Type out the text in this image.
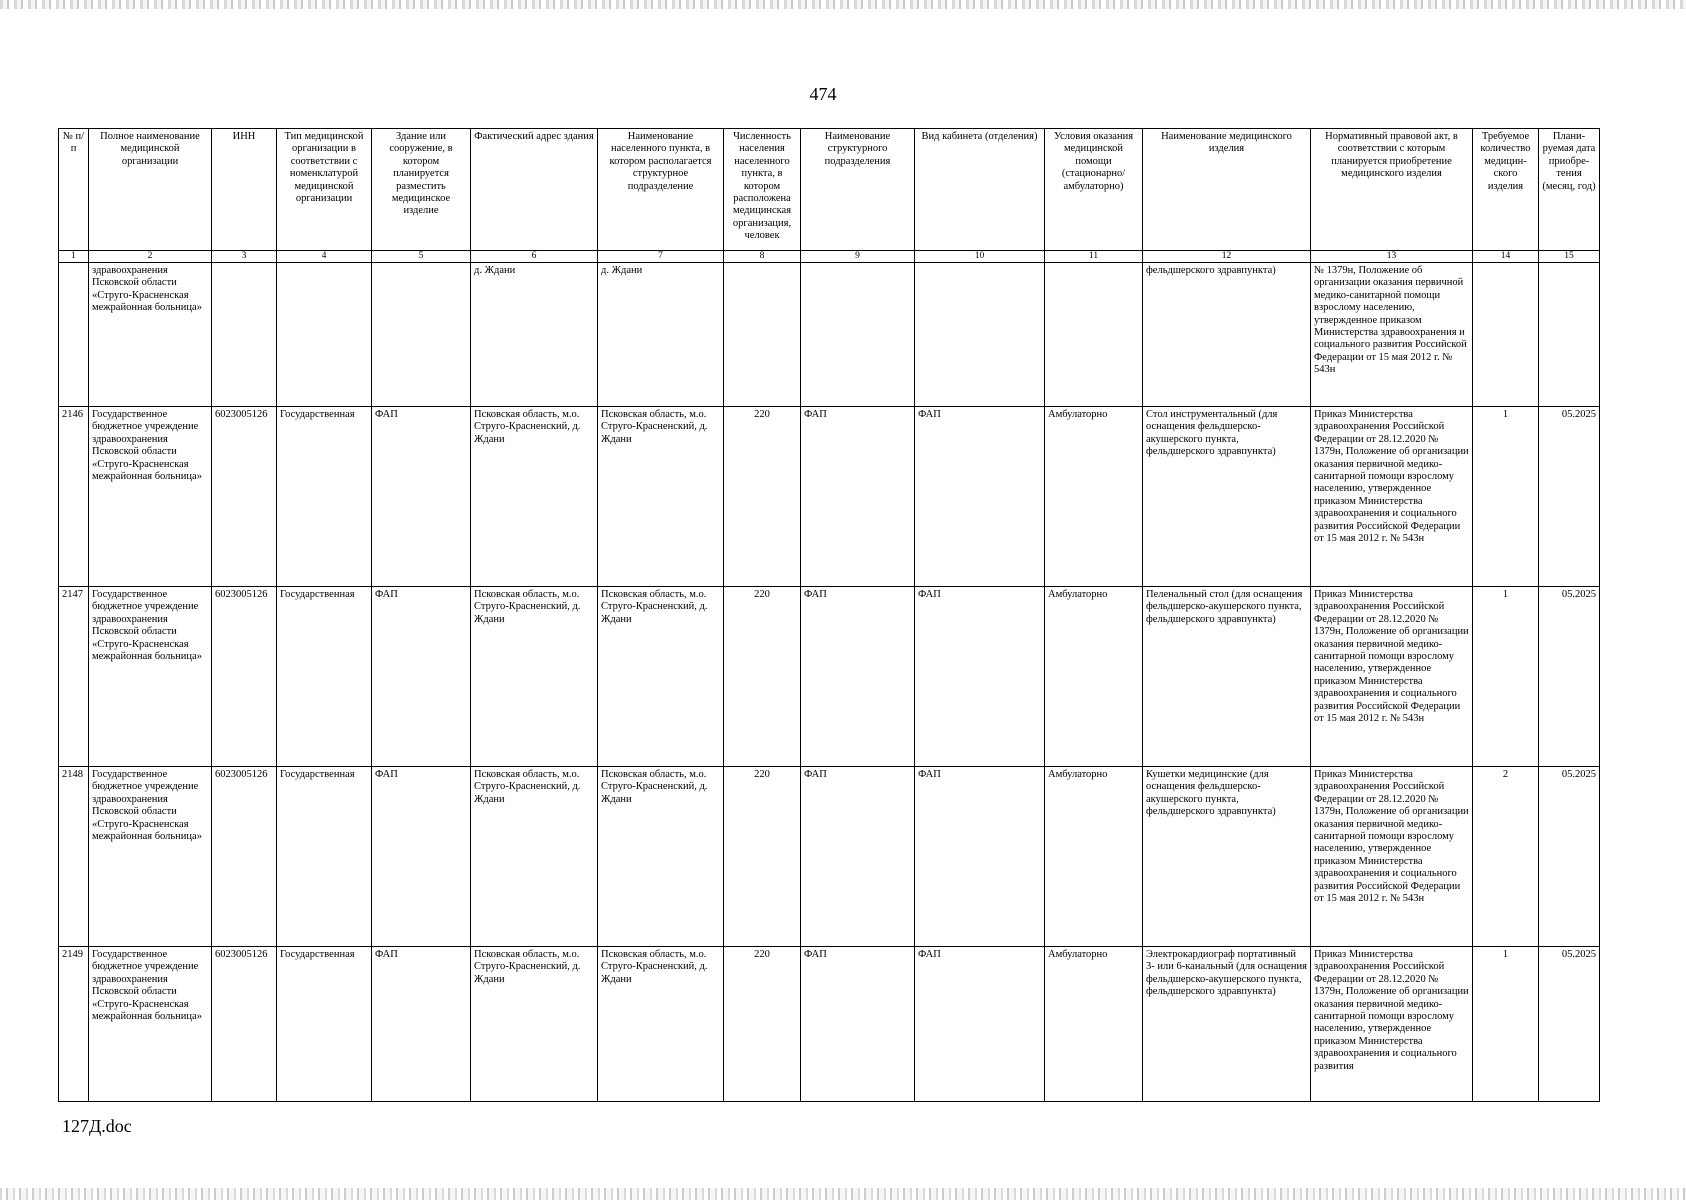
474
№ п/п	Полное наименование медицинской организации	ИНН	Тип медицинской организации в соответствии с номенклатурой медицинской организации	Здание или сооружение, в котором планируется разместить медицинское изделие	Фактический адрес здания	Наименование населенного пункта, в котором располагается структурное подразделение	Численность населения населенного пункта, в котором расположена медицинская организация, человек	Наименование структурного подразделения	Вид кабинета (отделения)	Условия оказания медицинской помощи (стационарно/ амбулаторно)	Наименование медицинского изделия	Нормативный правовой акт, в соответствии с которым планируется приобретение медицинского изделия	Требуемое количество медицин-ского изделия	Плани-руемая дата приобре-тения (месяц, год)
1	2	3	4	5	6	7	8	9	10	11	12	13	14	15
	здравоохранения Псковской области «Струго-Красненская межрайонная больница»				д. Ждани	д. Ждани					фельдшерского здравпункта)	№ 1379н, Положение об организации оказания первичной медико-санитарной помощи взрослому населению, утвержденное приказом Министерства здравоохранения и социального развития Российской Федерации от 15 мая 2012 г. № 543н		
2146	Государственное бюджетное учреждение здравоохранения Псковской области «Струго-Красненская межрайонная больница»	6023005126	Государственная	ФАП	Псковская область, м.о. Струго-Красненский, д. Ждани	Псковская область, м.о. Струго-Красненский, д. Ждани	220	ФАП	ФАП	Амбулаторно	Стол инструментальный (для оснащения фельдшерско-акушерского пункта, фельдшерского здравпункта)	Приказ Министерства здравоохранения Российской Федерации от 28.12.2020 № 1379н, Положение об организации оказания первичной медико-санитарной помощи взрослому населению, утвержденное приказом Министерства здравоохранения и социального развития Российской Федерации от 15 мая 2012 г. № 543н	1	05.2025
2147	Государственное бюджетное учреждение здравоохранения Псковской области «Струго-Красненская межрайонная больница»	6023005126	Государственная	ФАП	Псковская область, м.о. Струго-Красненский, д. Ждани	Псковская область, м.о. Струго-Красненский, д. Ждани	220	ФАП	ФАП	Амбулаторно	Пеленальный стол (для оснащения фельдшерско-акушерского пункта, фельдшерского здравпункта)	Приказ Министерства здравоохранения Российской Федерации от 28.12.2020 № 1379н, Положение об организации оказания первичной медико-санитарной помощи взрослому населению, утвержденное приказом Министерства здравоохранения и социального развития Российской Федерации от 15 мая 2012 г. № 543н	1	05.2025
2148	Государственное бюджетное учреждение здравоохранения Псковской области «Струго-Красненская межрайонная больница»	6023005126	Государственная	ФАП	Псковская область, м.о. Струго-Красненский, д. Ждани	Псковская область, м.о. Струго-Красненский, д. Ждани	220	ФАП	ФАП	Амбулаторно	Кушетки медицинские (для оснащения фельдшерско-акушерского пункта, фельдшерского здравпункта)	Приказ Министерства здравоохранения Российской Федерации от 28.12.2020 № 1379н, Положение об организации оказания первичной медико-санитарной помощи взрослому населению, утвержденное приказом Министерства здравоохранения и социального развития Российской Федерации от 15 мая 2012 г. № 543н	2	05.2025
2149	Государственное бюджетное учреждение здравоохранения Псковской области «Струго-Красненская межрайонная больница»	6023005126	Государственная	ФАП	Псковская область, м.о. Струго-Красненский, д. Ждани	Псковская область, м.о. Струго-Красненский, д. Ждани	220	ФАП	ФАП	Амбулаторно	Электрокардиограф портативный 3- или 6-канальный (для оснащения фельдшерско-акушерского пункта, фельдшерского здравпункта)	Приказ Министерства здравоохранения Российской Федерации от 28.12.2020 № 1379н, Положение об организации оказания первичной медико-санитарной помощи взрослому населению, утвержденное приказом Министерства здравоохранения и социального развития	1	05.2025
127Д.doc
